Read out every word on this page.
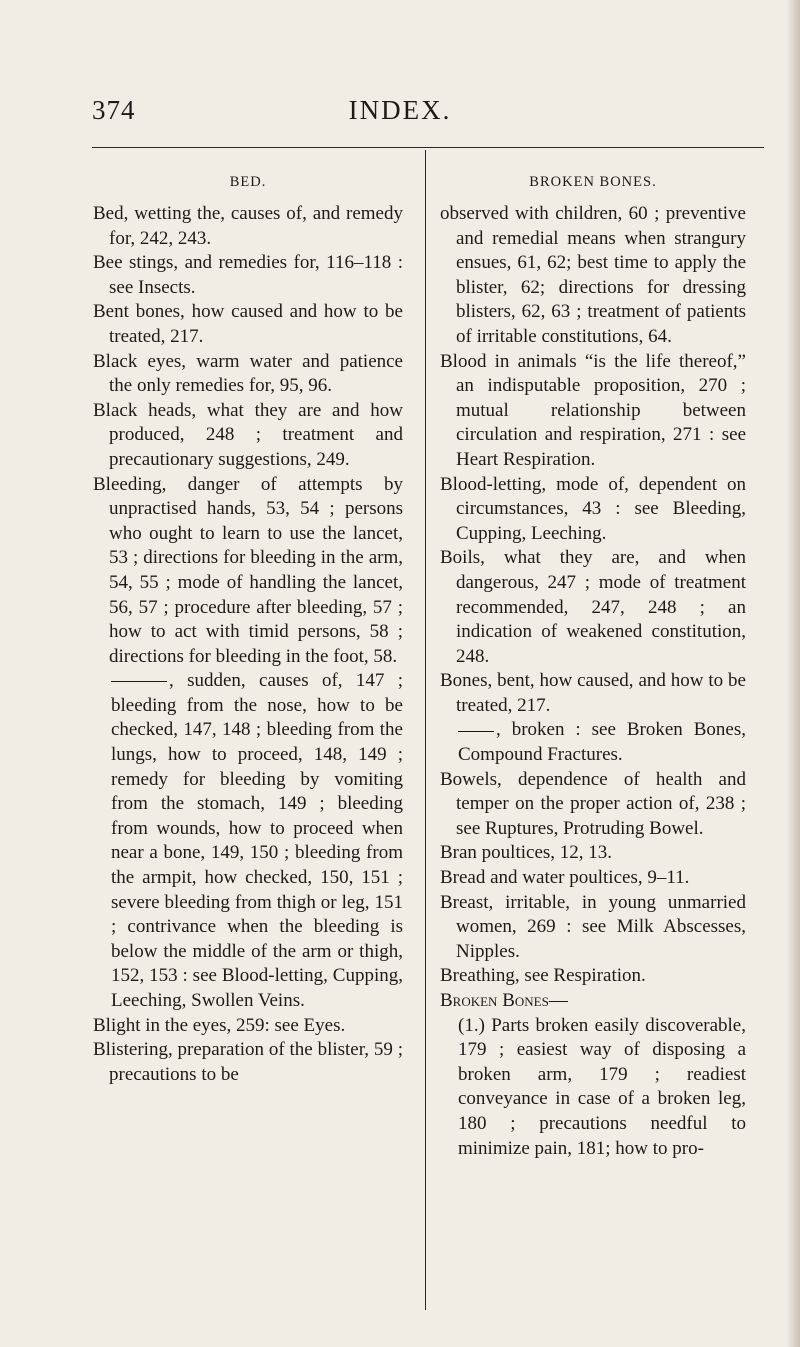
374	INDEX.
BED.
Bed, wetting the, causes of, and remedy for, 242, 243.
Bee stings, and remedies for, 116–118 : see Insects.
Bent bones, how caused and how to be treated, 217.
Black eyes, warm water and patience the only remedies for, 95, 96.
Black heads, what they are and how produced, 248 ; treatment and precautionary suggestions, 249.
Bleeding, danger of attempts by unpractised hands, 53, 54 ; persons who ought to learn to use the lancet, 53 ; directions for bleeding in the arm, 54, 55 ; mode of handling the lancet, 56, 57 ; procedure after bleeding, 57 ; how to act with timid persons, 58 ; directions for bleeding in the foot, 58.
, sudden, causes of, 147 ; bleeding from the nose, how to be checked, 147, 148 ; bleeding from the lungs, how to proceed, 148, 149 ; remedy for bleeding by vomiting from the stomach, 149 ; bleeding from wounds, how to proceed when near a bone, 149, 150 ; bleeding from the armpit, how checked, 150, 151 ; severe bleeding from thigh or leg, 151 ; contrivance when the bleeding is below the middle of the arm or thigh, 152, 153 : see Blood-letting, Cupping, Leeching, Swollen Veins.
Blight in the eyes, 259: see Eyes.
Blistering, preparation of the blister, 59 ; precautions to be
BROKEN BONES.
observed with children, 60 ; preventive and remedial means when strangury ensues, 61, 62; best time to apply the blister, 62; directions for dressing blisters, 62, 63 ; treatment of patients of irritable constitutions, 64.
Blood in animals “is the life thereof,” an indisputable proposition, 270 ; mutual relationship between circulation and respiration, 271 : see Heart Respiration.
Blood-letting, mode of, dependent on circumstances, 43 : see Bleeding, Cupping, Leeching.
Boils, what they are, and when dangerous, 247 ; mode of treatment recommended, 247, 248 ; an indication of weakened constitution, 248.
Bones, bent, how caused, and how to be treated, 217.
, broken : see Broken Bones, Compound Fractures.
Bowels, dependence of health and temper on the proper action of, 238 ; see Ruptures, Protruding Bowel.
Bran poultices, 12, 13.
Bread and water poultices, 9–11.
Breast, irritable, in young unmarried women, 269 : see Milk Abscesses, Nipples.
Breathing, see Respiration.
Broken Bones—
(1.) Parts broken easily discoverable, 179 ; easiest way of disposing a broken arm, 179 ; readiest conveyance in case of a broken leg, 180 ; precautions needful to minimize pain, 181; how to pro-
